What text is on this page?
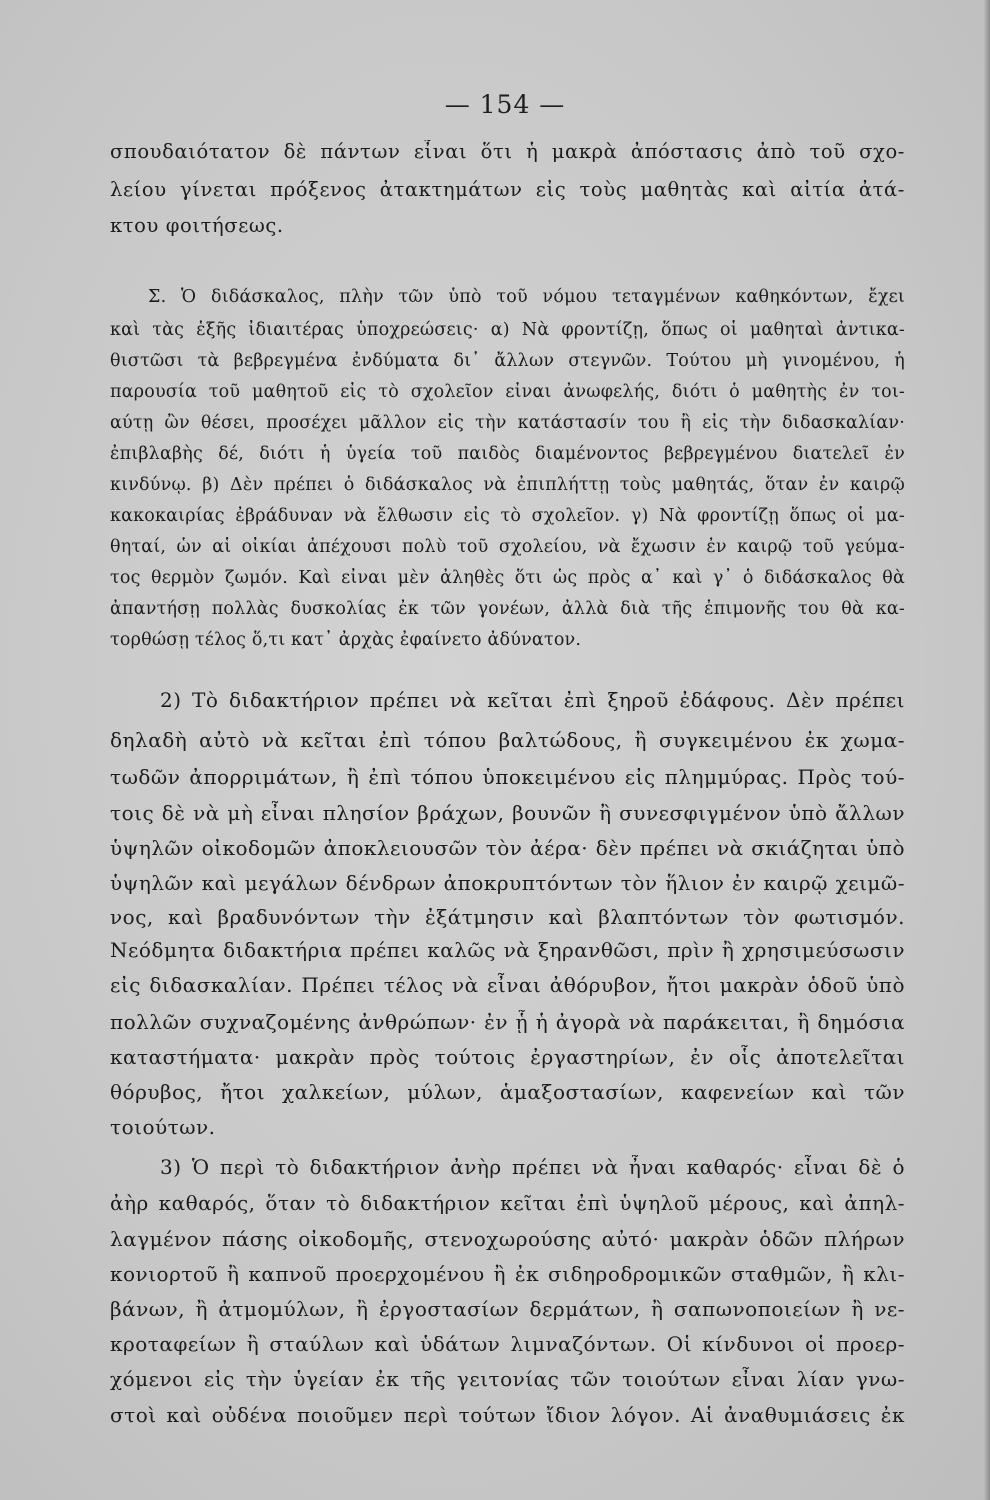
— 154 —
σπουδαιότατον δὲ πάντων εἶναι ὅτι ἡ μακρὰ ἀπόστασις ἀπὸ τοῦ σχο-
λείου γίνεται πρόξενος ἀτακτημάτων εἰς τοὺς μαθητὰς καὶ αἰτία ἀτά-
κτου φοιτήσεως.
Σ. Ὁ διδάσκαλος, πλὴν τῶν ὑπὸ τοῦ νόμου τεταγμένων καθηκόντων, ἔχει
καὶ τὰς ἑξῆς ἰδιαιτέρας ὑποχρεώσεις· α) Νὰ φροντίζῃ, ὅπως οἱ μαθηταὶ ἀντικα-
θιστῶσι τὰ βεβρεγμένα ἐνδύματα δι᾿ ἄλλων στεγνῶν. Τούτου μὴ γινομένου, ἡ
παρουσία τοῦ μαθητοῦ εἰς τὸ σχολεῖον εἶναι ἀνωφελής, διότι ὁ μαθητὴς ἐν τοι-
αύτῃ ὢν θέσει, προσέχει μᾶλλον εἰς τὴν κατάστασίν του ἢ εἰς τὴν διδασκαλίαν·
ἐπιβλαβὴς δέ, διότι ἡ ὑγεία τοῦ παιδὸς διαμένοντος βεβρεγμένου διατελεῖ ἐν
κινδύνῳ. β) Δὲν πρέπει ὁ διδάσκαλος νὰ ἐπιπλήττῃ τοὺς μαθητάς, ὅταν ἐν καιρῷ
κακοκαιρίας ἐβράδυναν νὰ ἔλθωσιν εἰς τὸ σχολεῖον. γ) Νὰ φροντίζῃ ὅπως οἱ μα-
θηταί, ὧν αἱ οἰκίαι ἀπέχουσι πολὺ τοῦ σχολείου, νὰ ἔχωσιν ἐν καιρῷ τοῦ γεύμα-
τος θερμὸν ζωμόν. Καὶ εἶναι μὲν ἀληθὲς ὅτι ὡς πρὸς α᾿ καὶ γ᾿ ὁ διδάσκαλος θὰ
ἀπαντήσῃ πολλὰς δυσκολίας ἐκ τῶν γονέων, ἀλλὰ διὰ τῆς ἐπιμονῆς του θὰ κα-
τορθώσῃ τέλος ὅ,τι κατ᾿ ἀρχὰς ἐφαίνετο ἀδύνατον.
2) Τὸ διδακτήριον πρέπει νὰ κεῖται ἐπὶ ξηροῦ ἐδάφους. Δὲν πρέπει
δηλαδὴ αὐτὸ νὰ κεῖται ἐπὶ τόπου βαλτώδους, ἢ συγκειμένου ἐκ χωμα-
τωδῶν ἀπορριμάτων, ἢ ἐπὶ τόπου ὑποκειμένου εἰς πλημμύρας. Πρὸς τού-
τοις δὲ νὰ μὴ εἶναι πλησίον βράχων, βουνῶν ἢ συνεσφιγμένον ὑπὸ ἄλλων
ὑψηλῶν οἰκοδομῶν ἀποκλειουσῶν τὸν ἀέρα· δὲν πρέπει νὰ σκιάζηται ὑπὸ
ὑψηλῶν καὶ μεγάλων δένδρων ἀποκρυπτόντων τὸν ἥλιον ἐν καιρῷ χειμῶ-
νος, καὶ βραδυνόντων τὴν ἐξάτμησιν καὶ βλαπτόντων τὸν φωτισμόν.
Νεόδμητα διδακτήρια πρέπει καλῶς νὰ ξηρανθῶσι, πρὶν ἢ χρησιμεύσωσιν
εἰς διδασκαλίαν. Πρέπει τέλος νὰ εἶναι ἀθόρυβον, ἤτοι μακρὰν ὁδοῦ ὑπὸ
πολλῶν συχναζομένης ἀνθρώπων· ἐν ᾗ ἡ ἀγορὰ νὰ παράκειται, ἢ δημόσια
καταστήματα· μακρὰν πρὸς τούτοις ἐργαστηρίων, ἐν οἷς ἀποτελεῖται
θόρυβος, ἤτοι χαλκείων, μύλων, ἁμαξοστασίων, καφενείων καὶ τῶν
τοιούτων.
3) Ὁ περὶ τὸ διδακτήριον ἀνὴρ πρέπει νὰ ἦναι καθαρός· εἶναι δὲ ὁ
ἀὴρ καθαρός, ὅταν τὸ διδακτήριον κεῖται ἐπὶ ὑψηλοῦ μέρους, καὶ ἀπηλ-
λαγμένον πάσης οἰκοδομῆς, στενοχωρούσης αὐτό· μακρὰν ὁδῶν πλήρων
κονιορτοῦ ἢ καπνοῦ προερχομένου ἢ ἐκ σιδηροδρομικῶν σταθμῶν, ἢ κλι-
βάνων, ἢ ἀτμομύλων, ἢ ἐργοστασίων δερμάτων, ἢ σαπωνοποιείων ἢ νε-
κροταφείων ἢ σταύλων καὶ ὑδάτων λιμναζόντων. Οἱ κίνδυνοι οἱ προερ-
χόμενοι εἰς τὴν ὑγείαν ἐκ τῆς γειτονίας τῶν τοιούτων εἶναι λίαν γνω-
στοὶ καὶ οὐδένα ποιοῦμεν περὶ τούτων ἴδιον λόγον. Αἱ ἀναθυμιάσεις ἐκ
